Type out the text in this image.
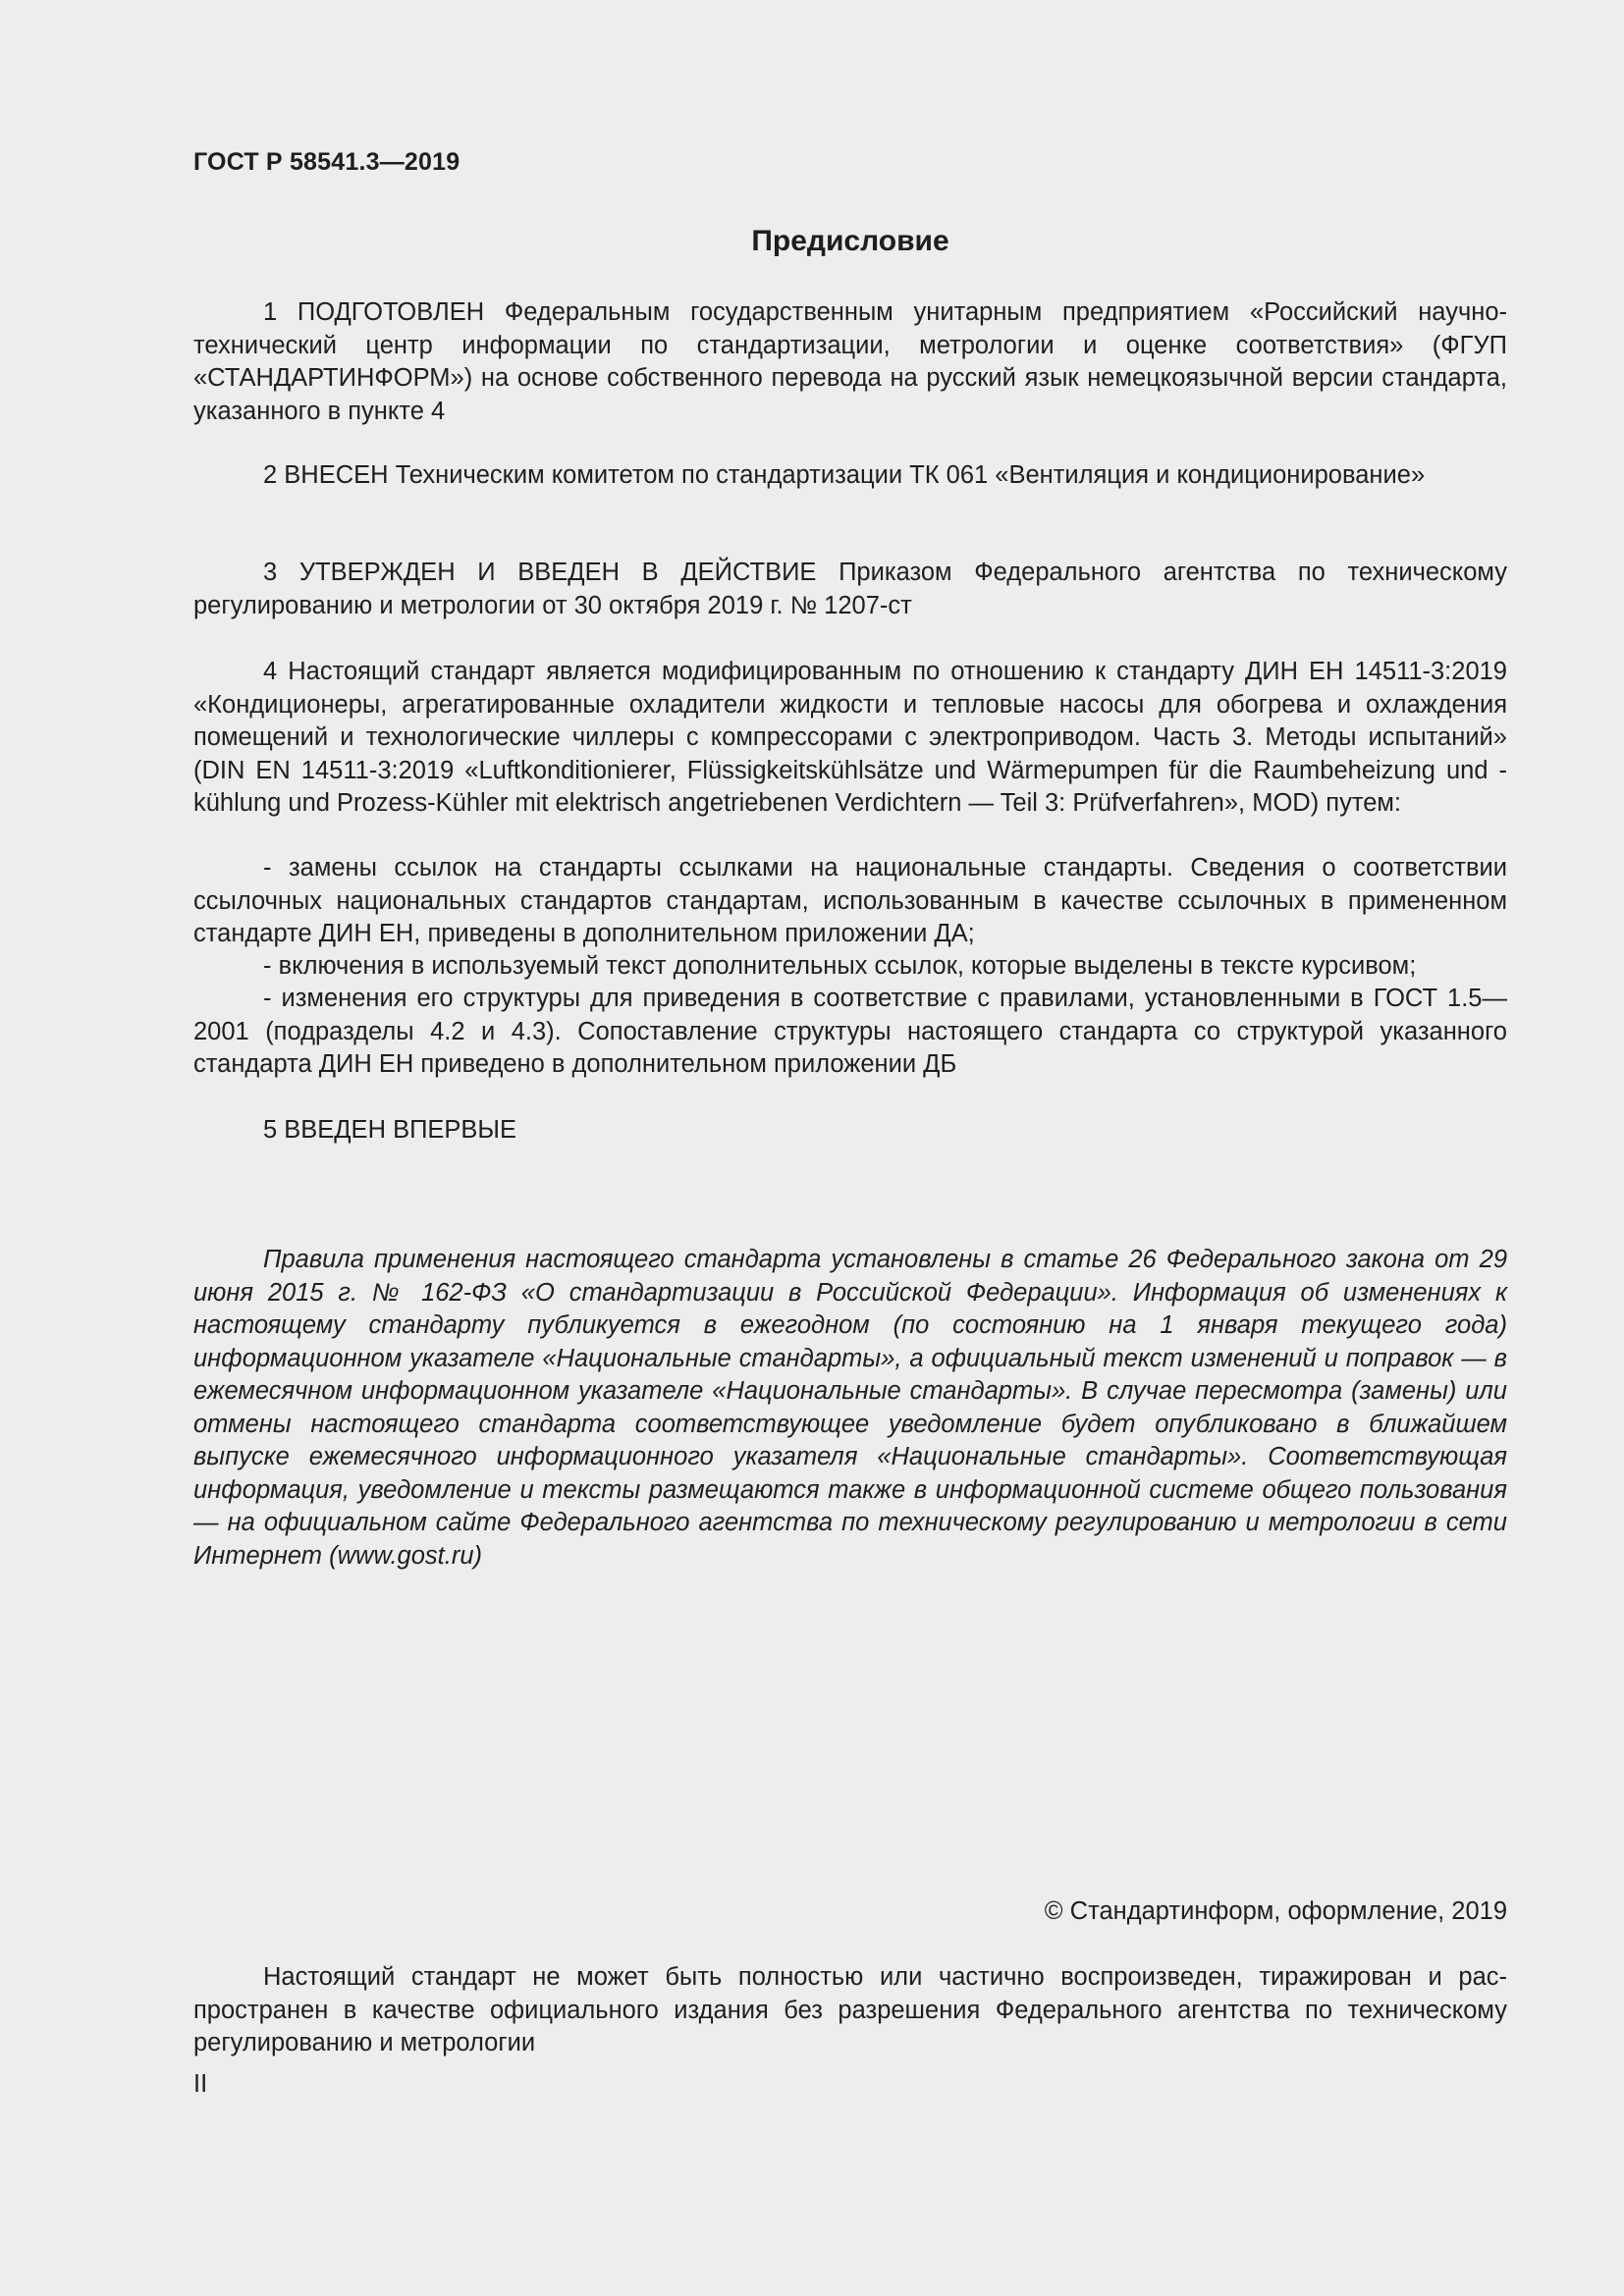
ГОСТ Р 58541.3—2019
Предисловие

1 ПОДГОТОВЛЕН Федеральным государственным унитарным предприятием «Российский научно-технический центр информации по стандартизации, метрологии и оценке соответствия» (ФГУП «СТАНДАРТИНФОРМ») на основе собственного перевода на русский язык немецкоязычной версии стандарта, указанного в пункте 4

2 ВНЕСЕН Техническим комитетом по стандартизации ТК 061 «Вентиляция и кондиционирование»

3 УТВЕРЖДЕН И ВВЕДЕН В ДЕЙСТВИЕ Приказом Федерального агентства по техническому регулированию и метрологии от 30 октября 2019 г. № 1207-ст

4 Настоящий стандарт является модифицированным по отношению к стандарту ДИН ЕН 14511-3:2019 «Кондиционеры, агрегатированные охладители жидкости и тепловые насосы для обогрева и охлаждения помещений и технологические чиллеры с компрессорами с электроприводом. Часть 3. Методы испытаний» (DIN EN 14511-3:2019 «Luftkonditionierer, Flüssigkeitskühlsätze und Wärmepumpen für die Raumbeheizung und -kühlung und Prozess-Kühler mit elektrisch angetriebenen Verdichtern — Teil 3: Prüfverfahren», MOD) путем:

- замены ссылок на стандарты ссылками на национальные стандарты. Сведения о соответствии ссылочных национальных стандартов стандартам, использованным в качестве ссылочных в примененном стандарте ДИН ЕН, приведены в дополнительном приложении ДА;

- включения в используемый текст дополнительных ссылок, которые выделены в тексте курсивом;

- изменения его структуры для приведения в соответствие с правилами, установленными в ГОСТ 1.5—2001 (подразделы 4.2 и 4.3). Сопоставление структуры настоящего стандарта со структурой указанного стандарта ДИН ЕН приведено в дополнительном приложении ДБ

5 ВВЕДЕН ВПЕРВЫЕ

Правила применения настоящего стандарта установлены в статье 26 Федерального закона от 29 июня 2015 г. № 162-ФЗ «О стандартизации в Российской Федерации». Информация об изменениях к настоящему стандарту публикуется в ежегодном (по состоянию на 1 января текущего года) информационном указателе «Национальные стандарты», а официальный текст изменений и поправок — в ежемесячном информационном указателе «Национальные стандарты». В случае пересмотра (замены) или отмены настоящего стандарта соответствующее уведомление будет опубликовано в ближайшем выпуске ежемесячного информационного указателя «Национальные стандарты». Соответствующая информация, уведомление и тексты размещаются также в информационной системе общего пользования — на официальном сайте Федерального агентства по техническому регулированию и метрологии в сети Интернет (www.gost.ru)

© Стандартинформ, оформление, 2019

Настоящий стандарт не может быть полностью или частично воспроизведен, тиражирован и распространен в качестве официального издания без разрешения Федерального агентства по техническому регулированию и метрологии

II
